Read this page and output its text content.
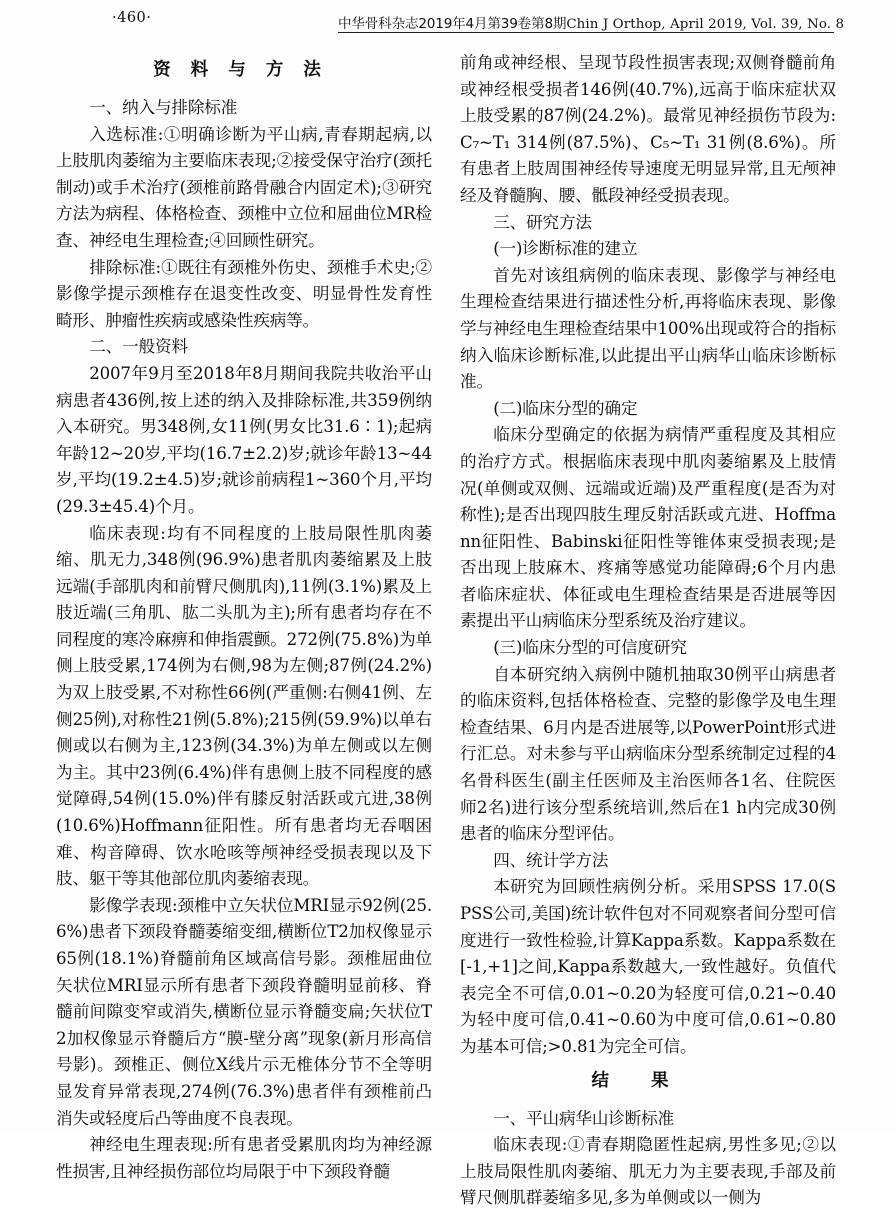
·460·	中华骨科杂志2019年4月第39卷第8期Chin J Orthop, April 2019, Vol. 39, No. 8
资 料 与 方 法

一、纳入与排除标准

入选标准:①明确诊断为平山病,青春期起病,以上肢肌肉萎缩为主要临床表现;②接受保守治疗(颈托制动)或手术治疗(颈椎前路骨融合内固定术);③研究方法为病程、体格检查、颈椎中立位和屈曲位MR检查、神经电生理检查;④回顾性研究。

排除标准:①既往有颈椎外伤史、颈椎手术史;②影像学提示颈椎存在退变性改变、明显骨性发育性畸形、肿瘤性疾病或感染性疾病等。

二、一般资料

2007年9月至2018年8月期间我院共收治平山病患者436例,按上述的纳入及排除标准,共359例纳入本研究。男348例,女11例(男女比31.6∶1);起病年龄12~20岁,平均(16.7±2.2)岁;就诊年龄13~44岁,平均(19.2±4.5)岁;就诊前病程1~360个月,平均(29.3±45.4)个月。

临床表现:均有不同程度的上肢局限性肌肉萎缩、肌无力,348例(96.9%)患者肌肉萎缩累及上肢远端(手部肌肉和前臂尺侧肌肉),11例(3.1%)累及上肢近端(三角肌、肱二头肌为主);所有患者均存在不同程度的寒冷麻痹和伸指震颤。272例(75.8%)为单侧上肢受累,174例为右侧,98为左侧;87例(24.2%)为双上肢受累,不对称性66例(严重侧:右侧41例、左侧25例),对称性21例(5.8%);215例(59.9%)以单右侧或以右侧为主,123例(34.3%)为单左侧或以左侧为主。其中23例(6.4%)伴有患侧上肢不同程度的感觉障碍,54例(15.0%)伴有膝反射活跃或亢进,38例(10.6%)Hoffmann征阳性。所有患者均无吞咽困难、构音障碍、饮水呛咳等颅神经受损表现以及下肢、躯干等其他部位肌肉萎缩表现。

影像学表现:颈椎中立矢状位MRI显示92例(25.6%)患者下颈段脊髓萎缩变细,横断位T2加权像显示65例(18.1%)脊髓前角区域高信号影。颈椎屈曲位矢状位MRI显示所有患者下颈段脊髓明显前移、脊髓前间隙变窄或消失,横断位显示脊髓变扁;矢状位T2加权像显示脊髓后方“膜-壁分离”现象(新月形高信号影)。颈椎正、侧位X线片示无椎体分节不全等明显发育异常表现,274例(76.3%)患者伴有颈椎前凸消失或轻度后凸等曲度不良表现。

神经电生理表现:所有患者受累肌肉均为神经源性损害,且神经损伤部位均局限于中下颈段脊髓

前角或神经根、呈现节段性损害表现;双侧脊髓前角或神经根受损者146例(40.7%),远高于临床症状双上肢受累的87例(24.2%)。最常见神经损伤节段为:C₇~T₁ 314例(87.5%)、C₅~T₁ 31例(8.6%)。所有患者上肢周围神经传导速度无明显异常,且无颅神经及脊髓胸、腰、骶段神经受损表现。

三、研究方法

(一)诊断标准的建立

首先对该组病例的临床表现、影像学与神经电生理检查结果进行描述性分析,再将临床表现、影像学与神经电生理检查结果中100%出现或符合的指标纳入临床诊断标准,以此提出平山病华山临床诊断标准。

(二)临床分型的确定

临床分型确定的依据为病情严重程度及其相应的治疗方式。根据临床表现中肌肉萎缩累及上肢情况(单侧或双侧、远端或近端)及严重程度(是否为对称性);是否出现四肢生理反射活跃或亢进、Hoffmann征阳性、Babinski征阳性等锥体束受损表现;是否出现上肢麻木、疼痛等感觉功能障碍;6个月内患者临床症状、体征或电生理检查结果是否进展等因素提出平山病临床分型系统及治疗建议。

(三)临床分型的可信度研究

自本研究纳入病例中随机抽取30例平山病患者的临床资料,包括体格检查、完整的影像学及电生理检查结果、6月内是否进展等,以PowerPoint形式进行汇总。对未参与平山病临床分型系统制定过程的4名骨科医生(副主任医师及主治医师各1名、住院医师2名)进行该分型系统培训,然后在1 h内完成30例患者的临床分型评估。

四、统计学方法

本研究为回顾性病例分析。采用SPSS 17.0(SPSS公司,美国)统计软件包对不同观察者间分型可信度进行一致性检验,计算Kappa系数。Kappa系数在[-1,+1]之间,Kappa系数越大,一致性越好。负值代表完全不可信,0.01~0.20为轻度可信,0.21~0.40为轻中度可信,0.41~0.60为中度可信,0.61~0.80为基本可信;>0.81为完全可信。

结 果

一、平山病华山诊断标准

临床表现:①青春期隐匿性起病,男性多见;②以上肢局限性肌肉萎缩、肌无力为主要表现,手部及前臂尺侧肌群萎缩多见,多为单侧或以一侧为
